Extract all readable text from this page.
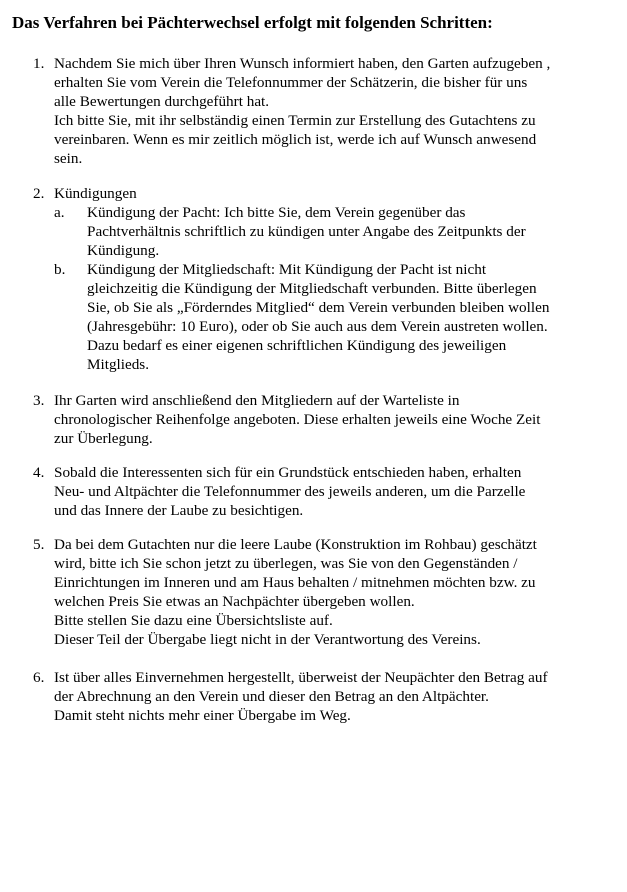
Das Verfahren bei Pächterwechsel erfolgt mit folgenden Schritten:
1. Nachdem Sie mich über Ihren Wunsch informiert haben, den Garten aufzugeben ,
erhalten Sie vom Verein die Telefonnummer der Schätzerin, die bisher für uns
alle Bewertungen durchgeführt hat.
Ich bitte Sie, mit ihr selbständig einen Termin zur Erstellung des Gutachtens zu
vereinbaren. Wenn es mir zeitlich möglich ist, werde ich auf Wunsch anwesend
sein.
2. Kündigungen
a. Kündigung der Pacht: Ich bitte Sie, dem Verein gegenüber das
Pachtverhältnis schriftlich zu kündigen unter Angabe des Zeitpunkts der
Kündigung.
b. Kündigung der Mitgliedschaft: Mit Kündigung der Pacht ist nicht
gleichzeitig die Kündigung der Mitgliedschaft verbunden. Bitte überlegen
Sie, ob Sie als „Förderndes Mitglied“ dem Verein verbunden bleiben wollen
(Jahresgebühr: 10 Euro), oder ob Sie auch aus dem Verein austreten wollen.
Dazu bedarf es einer eigenen schriftlichen Kündigung des jeweiligen
Mitglieds.
3. Ihr Garten wird anschließend den Mitgliedern auf der Warteliste in
chronologischer Reihenfolge angeboten. Diese erhalten jeweils eine Woche Zeit
zur Überlegung.
4. Sobald die Interessenten sich für ein Grundstück entschieden haben, erhalten
Neu- und Altpächter die Telefonnummer des jeweils anderen, um die Parzelle
und das Innere der Laube zu besichtigen.
5. Da bei dem Gutachten nur die leere Laube (Konstruktion im Rohbau) geschätzt
wird, bitte ich Sie schon jetzt zu überlegen, was Sie von den Gegenständen /
Einrichtungen im Inneren und am Haus behalten / mitnehmen möchten bzw. zu
welchen Preis Sie etwas an Nachpächter übergeben wollen.
Bitte stellen Sie dazu eine Übersichtsliste auf.
Dieser Teil der Übergabe liegt nicht in der Verantwortung des Vereins.
6. Ist über alles Einvernehmen hergestellt, überweist der Neupächter den Betrag auf
der Abrechnung an den Verein und dieser den Betrag an den Altpächter.
Damit steht nichts mehr einer Übergabe im Weg.
